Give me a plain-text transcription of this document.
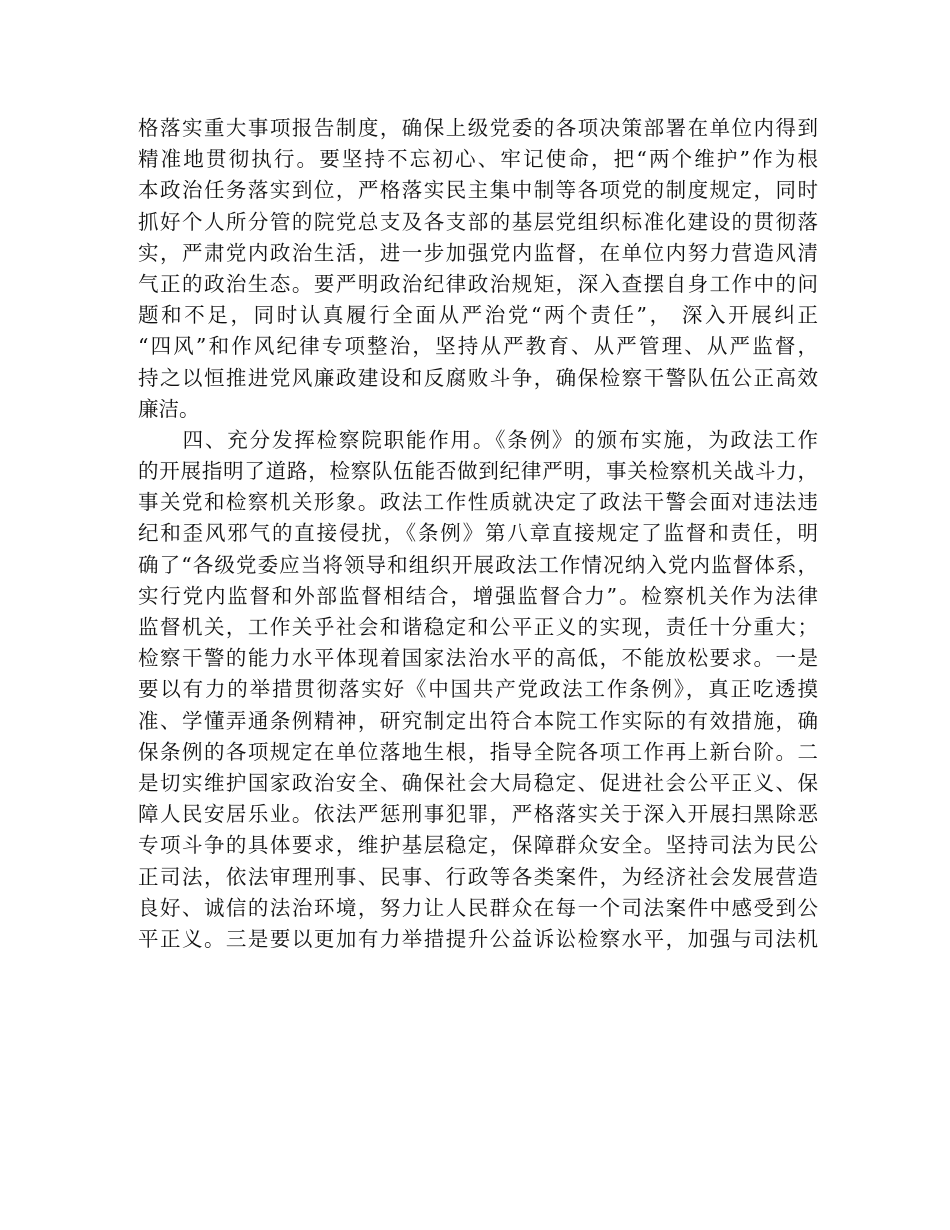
格落实重大事项报告制度，确保上级党委的各项决策部署在单位内得到
精准地贯彻执行。要坚持不忘初心、牢记使命，把“两个维护”作为根
本政治任务落实到位，严格落实民主集中制等各项党的制度规定，同时
抓好个人所分管的院党总支及各支部的基层党组织标准化建设的贯彻落
实，严肃党内政治生活，进一步加强党内监督，在单位内努力营造风清
气正的政治生态。要严明政治纪律政治规矩，深入查摆自身工作中的问
题和不足，同时认真履行全面从严治党“两个责任”， 深入开展纠正
“四风”和作风纪律专项整治，坚持从严教育、从严管理、从严监督，
持之以恒推进党风廉政建设和反腐败斗争，确保检察干警队伍公正高效
廉洁。
　　四、充分发挥检察院职能作用。《条例》的颁布实施，为政法工作
的开展指明了道路，检察队伍能否做到纪律严明，事关检察机关战斗力，
事关党和检察机关形象。政法工作性质就决定了政法干警会面对违法违
纪和歪风邪气的直接侵扰，《条例》第八章直接规定了监督和责任，明
确了“各级党委应当将领导和组织开展政法工作情况纳入党内监督体系，
实行党内监督和外部监督相结合，增强监督合力”。检察机关作为法律
监督机关，工作关乎社会和谐稳定和公平正义的实现，责任十分重大；
检察干警的能力水平体现着国家法治水平的高低，不能放松要求。一是
要以有力的举措贯彻落实好《中国共产党政法工作条例》，真正吃透摸
准、学懂弄通条例精神，研究制定出符合本院工作实际的有效措施，确
保条例的各项规定在单位落地生根，指导全院各项工作再上新台阶。二
是切实维护国家政治安全、确保社会大局稳定、促进社会公平正义、保
障人民安居乐业。依法严惩刑事犯罪，严格落实关于深入开展扫黑除恶
专项斗争的具体要求，维护基层稳定，保障群众安全。坚持司法为民公
正司法，依法审理刑事、民事、行政等各类案件，为经济社会发展营造
良好、诚信的法治环境，努力让人民群众在每一个司法案件中感受到公
平正义。三是要以更加有力举措提升公益诉讼检察水平，加强与司法机
